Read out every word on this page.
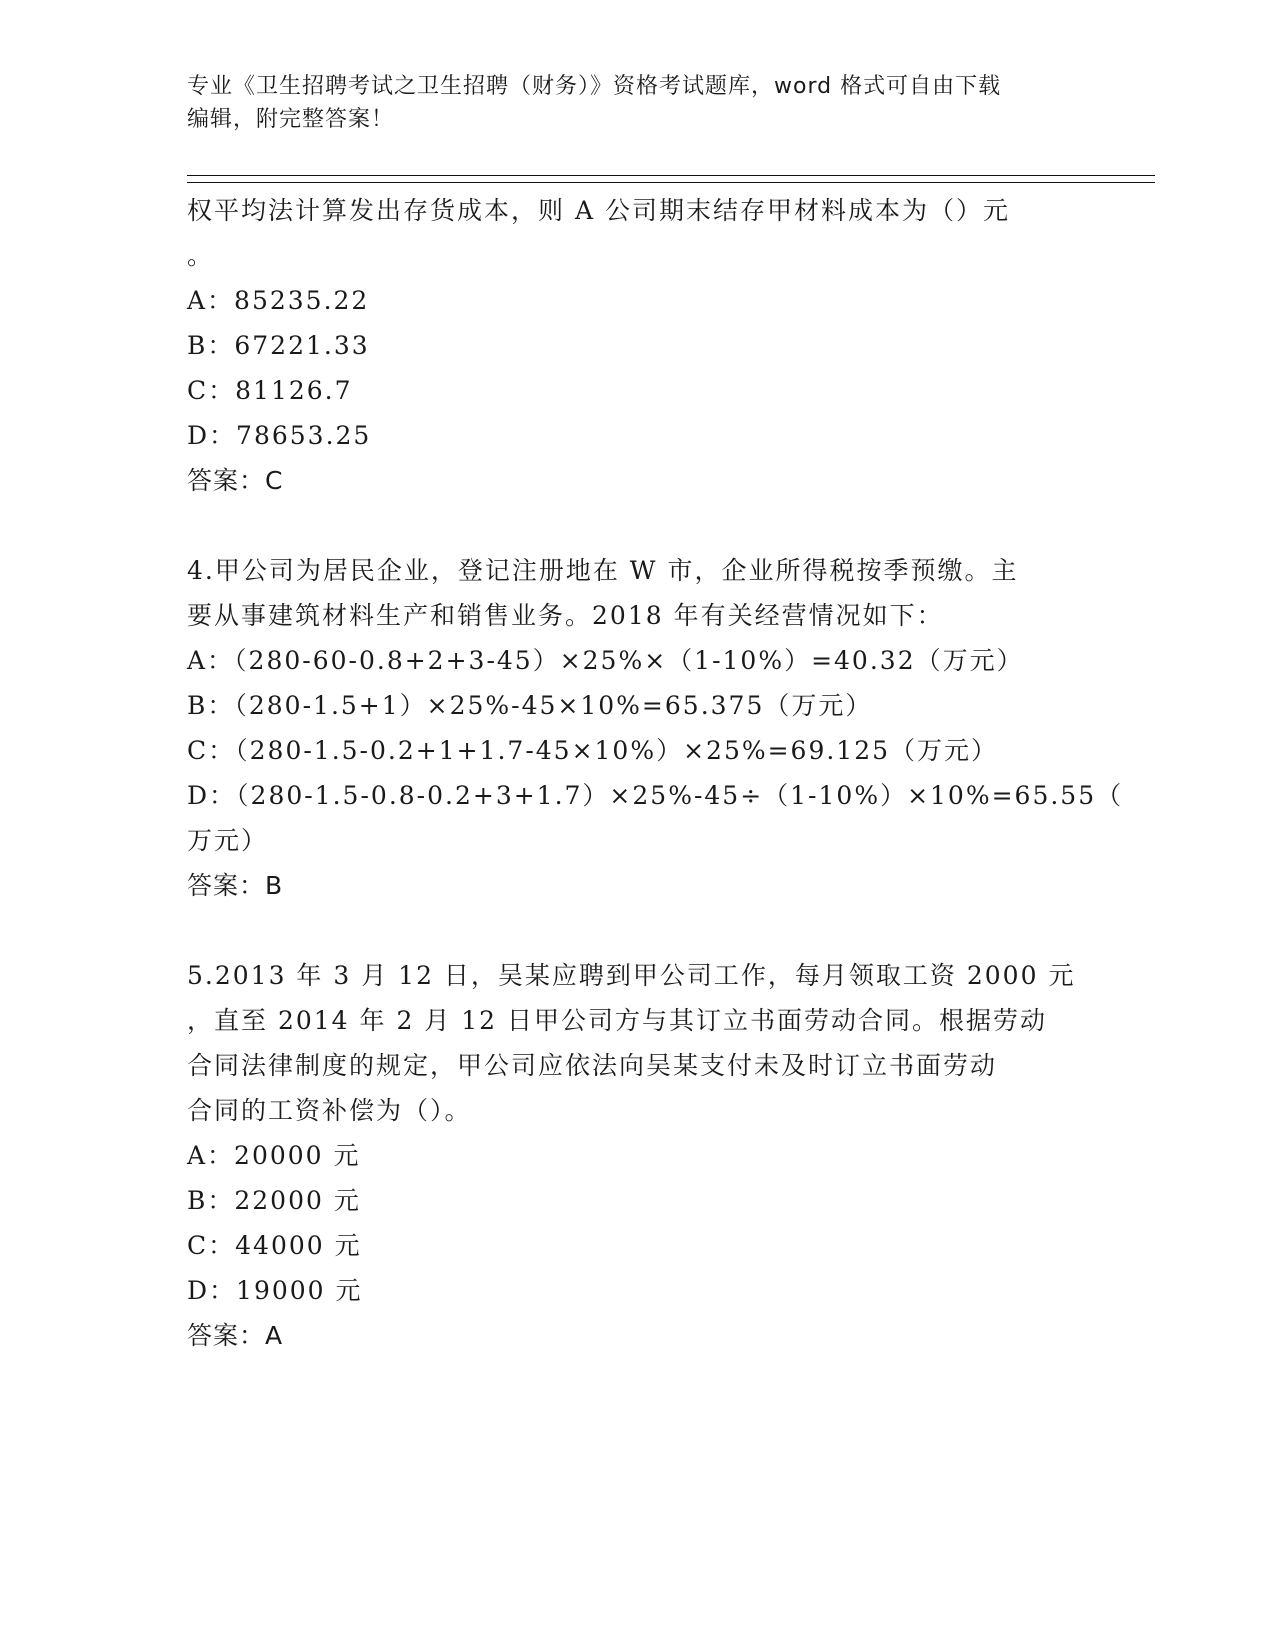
专业《卫生招聘考试之卫生招聘（财务）》资格考试题库，word 格式可自由下载
编辑，附完整答案！
权平均法计算发出存货成本，则 A 公司期末结存甲材料成本为（）元
。
A：85235.22
B：67221.33
C：81126.7
D：78653.25
答案：C
4.甲公司为居民企业，登记注册地在 W 市，企业所得税按季预缴。主
要从事建筑材料生产和销售业务。2018 年有关经营情况如下：
A：（280-60-0.8+2+3-45）×25%×（1-10%）=40.32（万元）
B：（280-1.5+1）×25%-45×10%=65.375（万元）
C：（280-1.5-0.2+1+1.7-45×10%）×25%=69.125（万元）
D：（280-1.5-0.8-0.2+3+1.7）×25%-45÷（1-10%）×10%=65.55（
万元）
答案：B
5.2013 年 3 月 12 日，吴某应聘到甲公司工作，每月领取工资 2000 元
，直至 2014 年 2 月 12 日甲公司方与其订立书面劳动合同。根据劳动
合同法律制度的规定，甲公司应依法向吴某支付未及时订立书面劳动
合同的工资补偿为（）。
A：20000 元
B：22000 元
C：44000 元
D：19000 元
答案：A
